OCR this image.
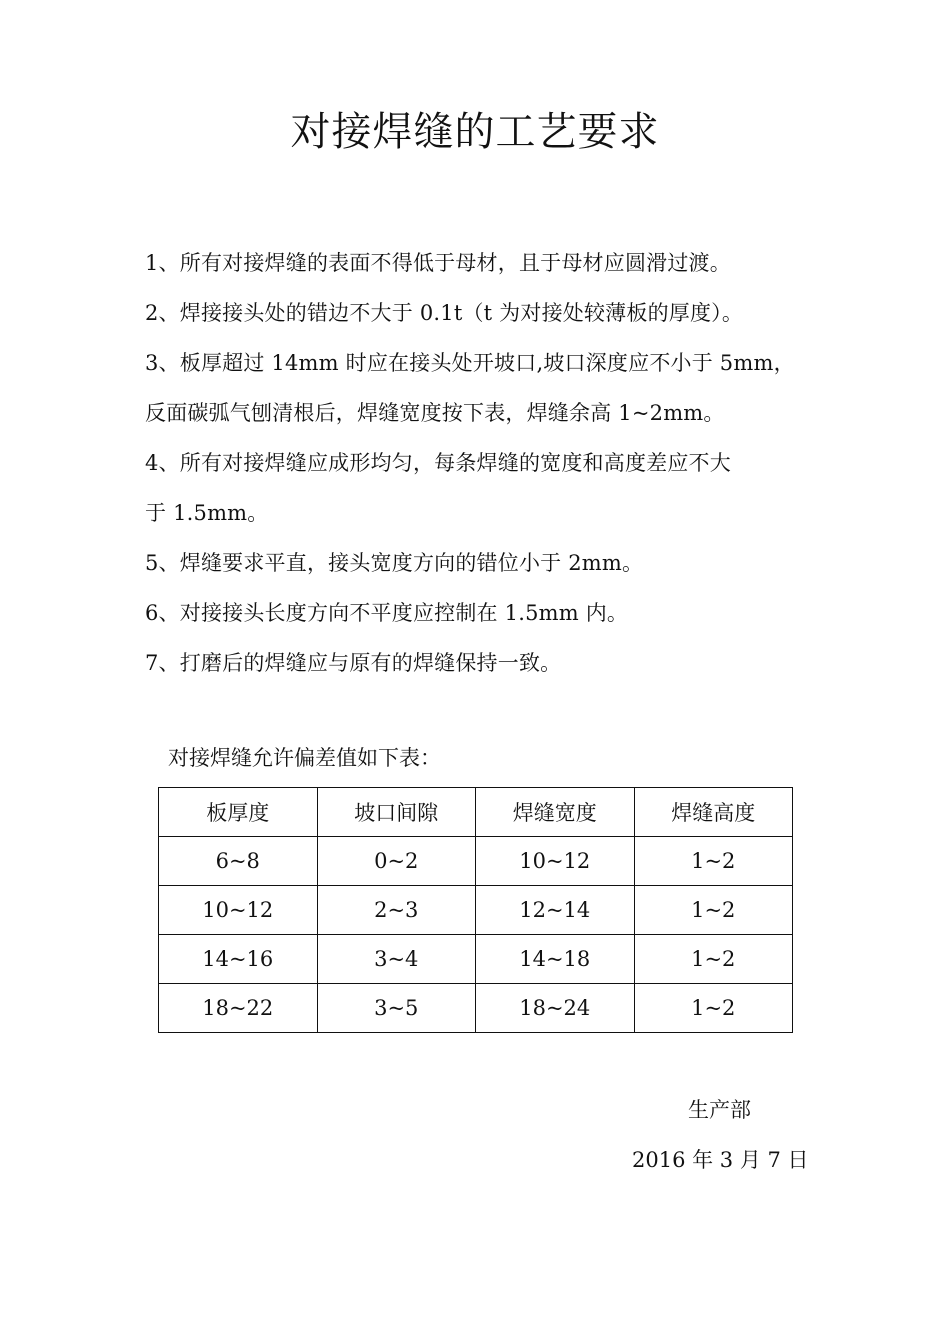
对接焊缝的工艺要求
1、所有对接焊缝的表面不得低于母材，且于母材应圆滑过渡。
2、焊接接头处的错边不大于 0.1t（t 为对接处较薄板的厚度）。
3、板厚超过 14mm 时应在接头处开坡口,坡口深度应不小于 5mm，
反面碳弧气刨清根后，焊缝宽度按下表，焊缝余高 1~2mm。
4、所有对接焊缝应成形均匀，每条焊缝的宽度和高度差应不大
于 1.5mm。
5、焊缝要求平直，接头宽度方向的错位小于 2mm。
6、对接接头长度方向不平度应控制在 1.5mm 内。
7、打磨后的焊缝应与原有的焊缝保持一致。

对接焊缝允许偏差值如下表：

板厚度	坡口间隙	焊缝宽度	焊缝高度
6~8	0~2	10~12	1~2
10~12	2~3	12~14	1~2
14~16	3~4	14~18	1~2
18~22	3~5	18~24	1~2

生产部

2016 年 3 月 7 日
